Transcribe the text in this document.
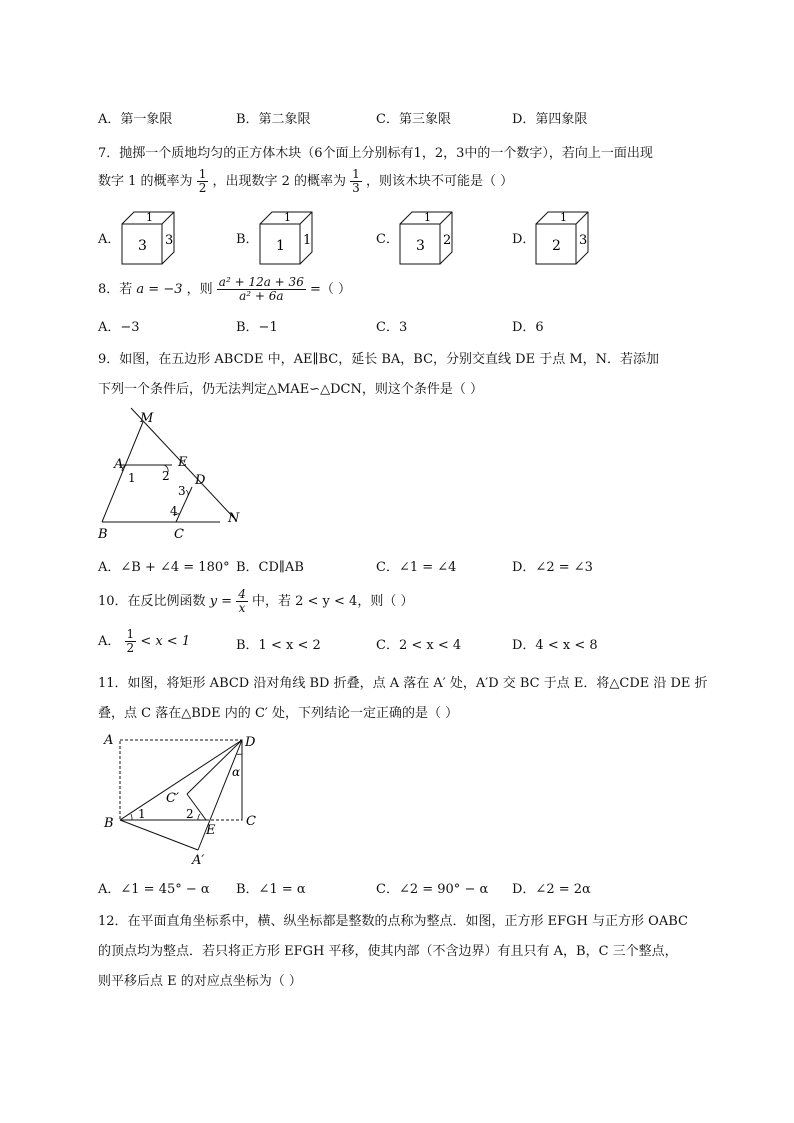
A．第一象限	B．第二象限	C．第三象限	D．第四象限
7．抛掷一个质地均匀的正方体木块（6个面上分别标有1，2，3中的一个数字），若向上一面出现
数字 1 的概率为 $\frac{1}{2}$ ，出现数字 2 的概率为 $\frac{1}{3}$ ，则该木块不可能是（ ）
A．
1
3 3	B．
1
1 1	C．
1
3 2	D．
1
2 3
8．若 a = −3 ，则 $\frac{\text{a² + 12a + 36}}{\text{a² + 6a}}$ =（ ）
A．−3	B．−1	C．3	D．6
9．如图，在五边形 ABCDE 中，AE∥BC，延长 BA，BC，分别交直线 DE 于点 M，N．若添加
下列一个条件后，仍无法判定△MAE∽△DCN，则这个条件是（ ）
M
E
A
D
N
B	C
1 2
3
4
A．∠B + ∠4 = 180° B．CD∥AB	C．∠1 = ∠4	D．∠2 = ∠3
10．在反比例函数 $y = \frac{4}{x}$ 中，若 2 < y < 4，则（ ）
A． $\frac{1}{2} < x < 1$	B．1 < x < 2	C．2 < x < 4	D．4 < x < 8
11．如图，将矩形 ABCD 沿对角线 BD 折叠，点 A 落在 A′ 处，A′D 交 BC 于点 E．将△CDE 沿 DE 折
叠，点 C 落在△BDE 内的 C′ 处，下列结论一定正确的是（ ）
A	D
B	C
C′
E
A′
1	2
α
A．∠1 = 45° − α B．∠1 = α	C．∠2 = 90° − α D．∠2 = 2α
12．在平面直角坐标系中，横、纵坐标都是整数的点称为整点．如图，正方形 EFGH 与正方形 OABC
的顶点均为整点．若只将正方形 EFGH 平移，使其内部（不含边界）有且只有 A，B，C 三个整点，
则平移后点 E 的对应点坐标为（ ）
